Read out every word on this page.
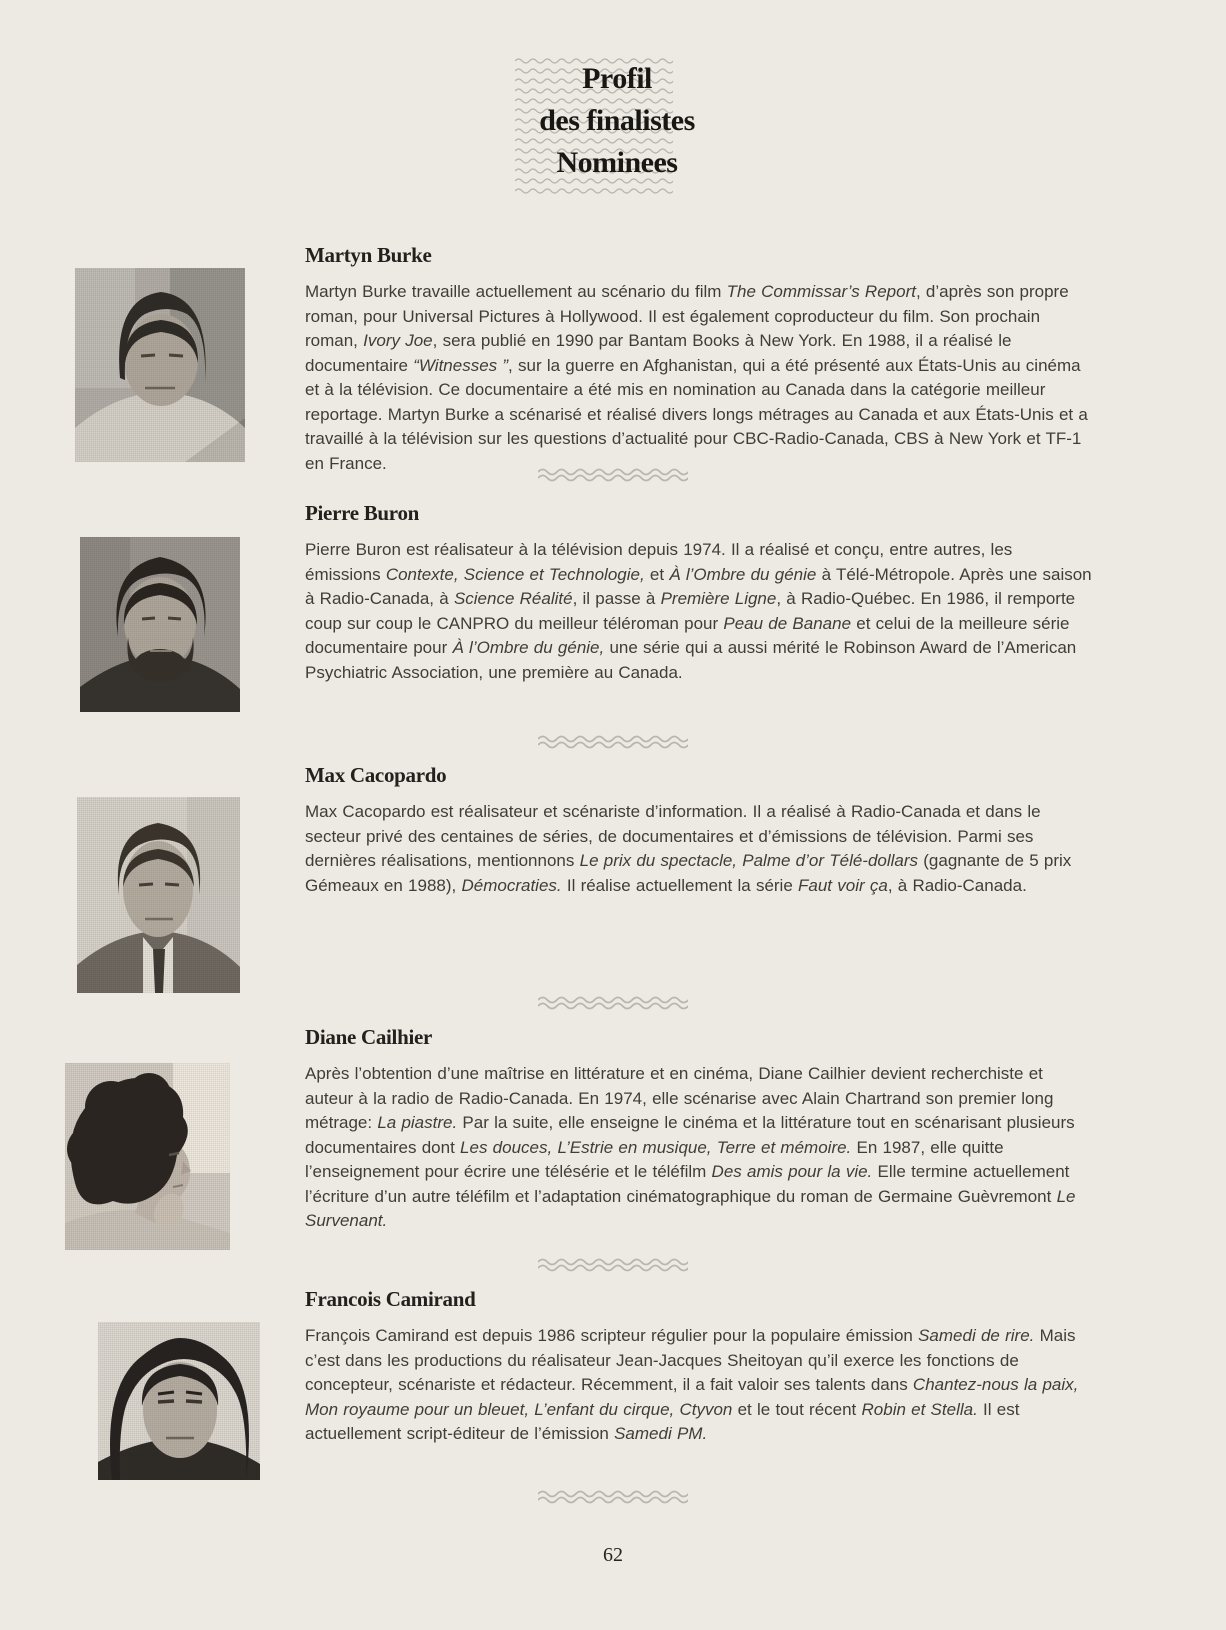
Profil
des finalistes
Nominees
Martyn Burke

Martyn Burke travaille actuellement au scénario du film The Commissar’s Report, d’après son propre roman, pour Universal Pictures à Hollywood. Il est également coproducteur du film. Son prochain roman, Ivory Joe, sera publié en 1990 par Bantam Books à New York. En 1988, il a réalisé le documentaire “Witnesses ”, sur la guerre en Afghanistan, qui a été présenté aux États-Unis au cinéma et à la télévision. Ce documentaire a été mis en nomination au Canada dans la catégorie meilleur reportage. Martyn Burke a scénarisé et réalisé divers longs métrages au Canada et aux États-Unis et a travaillé à la télévision sur les questions d’actualité pour CBC-Radio-Canada, CBS à New York et TF-1 en France.

Pierre Buron

Pierre Buron est réalisateur à la télévision depuis 1974. Il a réalisé et conçu, entre autres, les émissions Contexte, Science et Technologie, et À l’Ombre du génie à Télé-Métropole. Après une saison à Radio-Canada, à Science Réalité, il passe à Première Ligne, à Radio-Québec. En 1986, il remporte coup sur coup le CANPRO du meilleur téléroman pour Peau de Banane et celui de la meilleure série documentaire pour À l’Ombre du génie, une série qui a aussi mérité le Robinson Award de l’American Psychiatric Association, une première au Canada.

Max Cacopardo

Max Cacopardo est réalisateur et scénariste d’information. Il a réalisé à Radio-Canada et dans le secteur privé des centaines de séries, de documentaires et d’émissions de télévision. Parmi ses dernières réalisations, mentionnons Le prix du spectacle, Palme d’or Télé-dollars (gagnante de 5 prix Gémeaux en 1988), Démocraties. Il réalise actuellement la série Faut voir ça, à Radio-Canada.

Diane Cailhier

Après l’obtention d’une maîtrise en littérature et en cinéma, Diane Cailhier devient recherchiste et auteur à la radio de Radio-Canada. En 1974, elle scénarise avec Alain Chartrand son premier long métrage: La piastre. Par la suite, elle enseigne le cinéma et la littérature tout en scénarisant plusieurs documentaires dont Les douces, L’Estrie en musique, Terre et mémoire. En 1987, elle quitte l’enseignement pour écrire une télésérie et le téléfilm Des amis pour la vie. Elle termine actuellement l’écriture d’un autre téléfilm et l’adaptation cinématographique du roman de Germaine Guèvremont Le Survenant.

Francois Camirand

François Camirand est depuis 1986 scripteur régulier pour la populaire émission Samedi de rire. Mais c’est dans les productions du réalisateur Jean-Jacques Sheitoyan qu’il exerce les fonctions de concepteur, scénariste et rédacteur. Récemment, il a fait valoir ses talents dans Chantez-nous la paix, Mon royaume pour un bleuet, L’enfant du cirque, Ctyvon et le tout récent Robin et Stella. Il est actuellement script-éditeur de l’émission Samedi PM.

62
